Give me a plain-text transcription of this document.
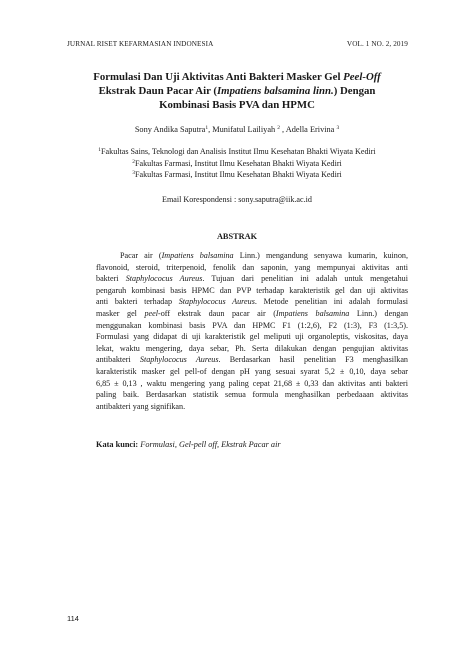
JURNAL RISET KEFARMASIAN INDONESIA	VOL. 1 NO. 2, 2019
Formulasi Dan Uji Aktivitas Anti Bakteri Masker Gel Peel-Off
Ekstrak Daun Pacar Air (Impatiens balsamina linn.) Dengan
Kombinasi Basis PVA dan HPMC
Sony Andika Saputra$^1$, Munifatul Lailiyah $^2$ , Adella Erivina $^3$
$^1$Fakultas Sains, Teknologi dan Analisis Institut Ilmu Kesehatan Bhakti Wiyata Kediri
$^2$Fakultas Farmasi, Institut Ilmu Kesehatan Bhakti Wiyata Kediri
$^3$Fakultas Farmasi, Institut Ilmu Kesehatan Bhakti Wiyata Kediri
Email Korespondensi : sony.saputra@iik.ac.id
ABSTRAK
Pacar air (Impatiens balsamina Linn.) mengandung senyawa kumarin, kuinon,
flavonoid, steroid, triterpenoid, fenolik dan saponin, yang mempunyai aktivitas anti
bakteri Staphylococus Aureus. Tujuan dari penelitian ini adalah untuk mengetahui
pengaruh kombinasi basis HPMC dan PVP terhadap karakteristik gel dan uji aktivitas
anti bakteri terhadap Staphylococus Aureus. Metode penelitian ini adalah formulasi
masker gel peel-off ekstrak daun pacar air (Impatiens balsamina Linn.) dengan
menggunakan kombinasi basis PVA dan HPMC F1 (1:2,6), F2 (1:3), F3 (1:3,5).
Formulasi yang didapat di uji karakteristik gel meliputi uji organoleptis, viskositas, daya
lekat, waktu mengering, daya sebar, Ph. Serta dilakukan dengan pengujian aktivitas
antibakteri Staphylococus Aureus. Berdasarkan hasil penelitian F3 menghasilkan
karakteristik masker gel pell-of dengan pH yang sesuai syarat 5,2 ± 0,10, daya sebar
6,85 ± 0,13 , waktu mengering yang paling cepat 21,68 ± 0,33 dan aktivitas anti bakteri
paling baik. Berdasarkan statistik semua formula menghasilkan perbedaaan aktivitas
antibakteri yang signifikan.
Kata kunci: Formulasi, Gel-pell off, Ekstrak Pacar air
114
